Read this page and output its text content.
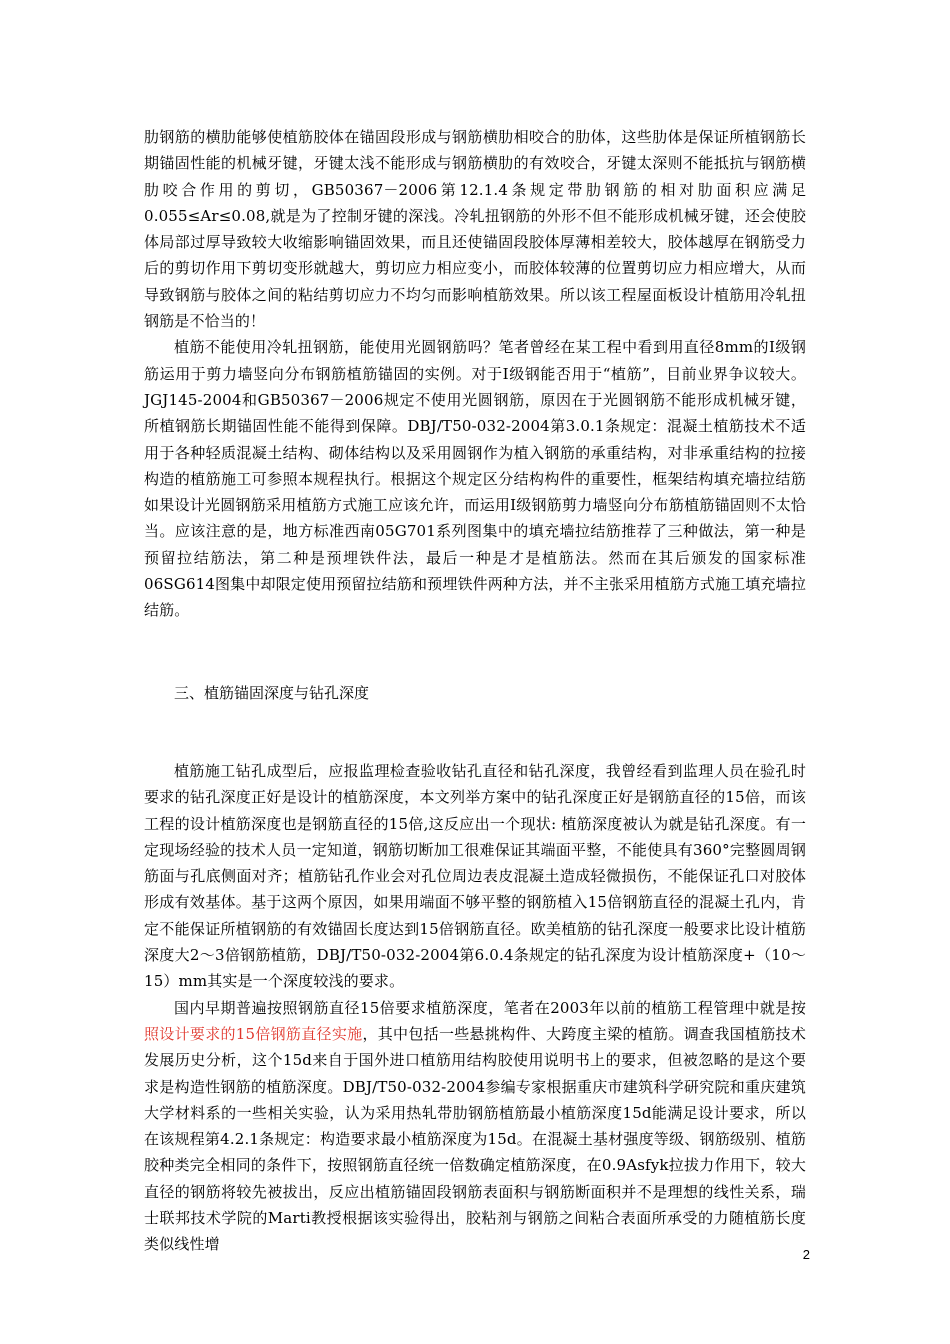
肋钢筋的横肋能够使植筋胶体在锚固段形成与钢筋横肋相咬合的肋体，这些肋体是保证所植钢筋长期锚固性能的机械牙键，牙键太浅不能形成与钢筋横肋的有效咬合，牙键太深则不能抵抗与钢筋横肋咬合作用的剪切，GB50367－2006第12.1.4条规定带肋钢筋的相对肋面积应满足0.055≤Ar≤0.08,就是为了控制牙键的深浅。冷轧扭钢筋的外形不但不能形成机械牙键，还会使胶体局部过厚导致较大收缩影响锚固效果，而且还使锚固段胶体厚薄相差较大，胶体越厚在钢筋受力后的剪切作用下剪切变形就越大，剪切应力相应变小，而胶体较薄的位置剪切应力相应增大，从而导致钢筋与胶体之间的粘结剪切应力不均匀而影响植筋效果。所以该工程屋面板设计植筋用冷轧扭钢筋是不恰当的！

植筋不能使用冷轧扭钢筋，能使用光圆钢筋吗？笔者曾经在某工程中看到用直径8mm的Ⅰ级钢筋运用于剪力墙竖向分布钢筋植筋锚固的实例。对于Ⅰ级钢能否用于“植筋”，目前业界争议较大。JGJ145-2004和GB50367－2006规定不使用光圆钢筋，原因在于光圆钢筋不能形成机械牙键，所植钢筋长期锚固性能不能得到保障。DBJ/T50-032-2004第3.0.1条规定：混凝土植筋技术不适用于各种轻质混凝土结构、砌体结构以及采用圆钢作为植入钢筋的承重结构，对非承重结构的拉接构造的植筋施工可参照本规程执行。根据这个规定区分结构构件的重要性，框架结构填充墙拉结筋如果设计光圆钢筋采用植筋方式施工应该允许，而运用Ⅰ级钢筋剪力墙竖向分布筋植筋锚固则不太恰当。应该注意的是，地方标准西南05G701系列图集中的填充墙拉结筋推荐了三种做法，第一种是预留拉结筋法，第二种是预埋铁件法，最后一种是才是植筋法。然而在其后颁发的国家标准06SG614图集中却限定使用预留拉结筋和预埋铁件两种方法，并不主张采用植筋方式施工填充墙拉结筋。

三、植筋锚固深度与钻孔深度

植筋施工钻孔成型后，应报监理检查验收钻孔直径和钻孔深度，我曾经看到监理人员在验孔时要求的钻孔深度正好是设计的植筋深度，本文列举方案中的钻孔深度正好是钢筋直径的15倍，而该工程的设计植筋深度也是钢筋直径的15倍,这反应出一个现状: 植筋深度被认为就是钻孔深度。有一定现场经验的技术人员一定知道，钢筋切断加工很难保证其端面平整，不能使具有360°完整圆周钢筋面与孔底侧面对齐；植筋钻孔作业会对孔位周边表皮混凝土造成轻微损伤，不能保证孔口对胶体形成有效基体。基于这两个原因，如果用端面不够平整的钢筋植入15倍钢筋直径的混凝土孔内，肯定不能保证所植钢筋的有效锚固长度达到15倍钢筋直径。欧美植筋的钻孔深度一般要求比设计植筋深度大2～3倍钢筋植筋，DBJ/T50-032-2004第6.0.4条规定的钻孔深度为设计植筋深度+（10～15）mm其实是一个深度较浅的要求。

国内早期普遍按照钢筋直径15倍要求植筋深度，笔者在2003年以前的植筋工程管理中就是按照设计要求的15倍钢筋直径实施，其中包括一些悬挑构件、大跨度主梁的植筋。调查我国植筋技术发展历史分析，这个15d来自于国外进口植筋用结构胶使用说明书上的要求，但被忽略的是这个要求是构造性钢筋的植筋深度。DBJ/T50-032-2004参编专家根据重庆市建筑科学研究院和重庆建筑大学材料系的一些相关实验，认为采用热轧带肋钢筋植筋最小植筋深度15d能满足设计要求，所以在该规程第4.2.1条规定：构造要求最小植筋深度为15d。在混凝土基材强度等级、钢筋级别、植筋胶种类完全相同的条件下，按照钢筋直径统一倍数确定植筋深度，在0.9Asfyk拉拔力作用下，较大直径的钢筋将较先被拔出，反应出植筋锚固段钢筋表面积与钢筋断面积并不是理想的线性关系，瑞士联邦技术学院的Marti教授根据该实验得出，胶粘剂与钢筋之间粘合表面所承受的力随植筋长度类似线性增

2
